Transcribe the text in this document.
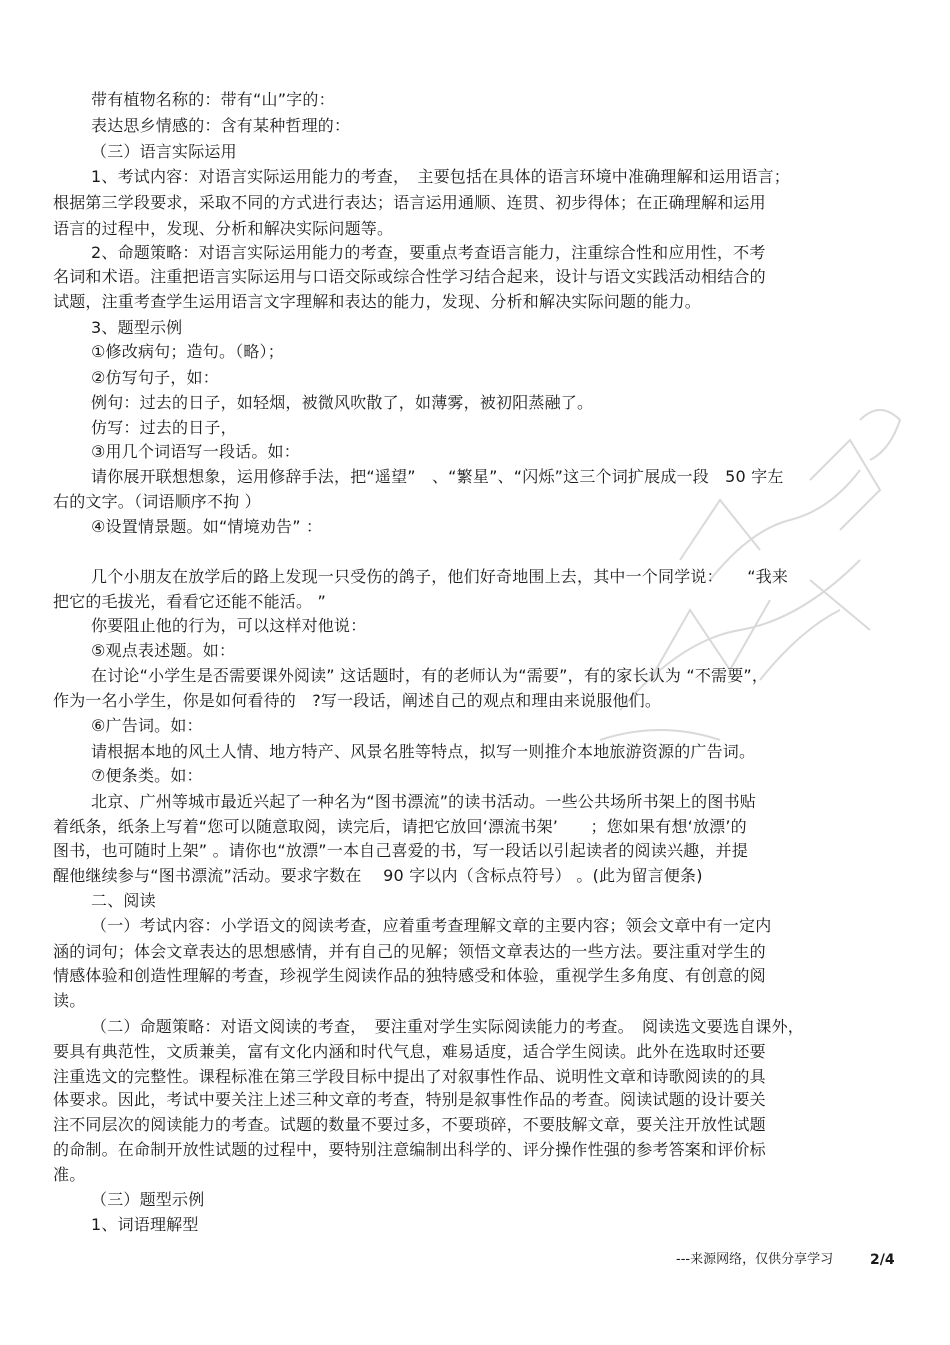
带有植物名称的：带有“山”字的：
表达思乡情感的：含有某种哲理的：
（三）语言实际运用
1、考试内容：对语言实际运用能力的考查，　主要包括在具体的语言环境中准确理解和运用语言；
根据第三学段要求，采取不同的方式进行表达；语言运用通顺、连贯、初步得体；在正确理解和运用
语言的过程中，发现、分析和解决实际问题等。
2、命题策略：对语言实际运用能力的考查，要重点考查语言能力，注重综合性和应用性，不考
名词和术语。注重把语言实际运用与口语交际或综合性学习结合起来，设计与语文实践活动相结合的
试题，注重考查学生运用语言文字理解和表达的能力，发现、分析和解决实际问题的能力。
3、题型示例
①修改病句；造句。（略）；
②仿写句子，如：
例句：过去的日子，如轻烟，被微风吹散了，如薄雾，被初阳蒸融了。
仿写：过去的日子，
③用几个词语写一段话。如：
请你展开联想想象，运用修辞手法，把“遥望”　、“繁星”、“闪烁”这三个词扩展成一段　50 字左
右的文字。（词语顺序不拘 ）
④设置情景题。如“情境劝告” ：
几个小朋友在放学后的路上发现一只受伤的鸽子，他们好奇地围上去，其中一个同学说：　　“我来
把它的毛拔光，看看它还能不能活。 ”
你要阻止他的行为，可以这样对他说：
⑤观点表述题。如：
在讨论“小学生是否需要课外阅读” 这话题时，有的老师认为“需要”，有的家长认为 “不需要”，
作为一名小学生，你是如何看待的　?写一段话，阐述自己的观点和理由来说服他们。
⑥广告词。如：
请根据本地的风土人情、地方特产、风景名胜等特点，拟写一则推介本地旅游资源的广告词。
⑦便条类。如：
北京、广州等城市最近兴起了一种名为“图书漂流”的读书活动。一些公共场所书架上的图书贴
着纸条，纸条上写着“您可以随意取阅，读完后，请把它放回‘漂流书架’　　；您如果有想‘放漂’的
图书，也可随时上架” 。请你也“放漂”一本自己喜爱的书，写一段话以引起读者的阅读兴趣，并提
醒他继续参与“图书漂流”活动。要求字数在　 90 字以内（含标点符号） 。(此为留言便条)
二、阅读
（一）考试内容：小学语文的阅读考查，应着重考查理解文章的主要内容；领会文章中有一定内
涵的词句；体会文章表达的思想感情，并有自己的见解；领悟文章表达的一些方法。要注重对学生的
情感体验和创造性理解的考查，珍视学生阅读作品的独特感受和体验，重视学生多角度、有创意的阅
读。
（二）命题策略：对语文阅读的考查，　要注重对学生实际阅读能力的考查。　阅读选文要选自课外，
要具有典范性，文质兼美，富有文化内涵和时代气息，难易适度，适合学生阅读。此外在选取时还要
注重选文的完整性。课程标准在第三学段目标中提出了对叙事性作品、说明性文章和诗歌阅读的的具
体要求。因此，考试中要关注上述三种文章的考查，特别是叙事性作品的考查。阅读试题的设计要关
注不同层次的阅读能力的考查。试题的数量不要过多，不要琐碎，不要肢解文章，要关注开放性试题
的命制。在命制开放性试题的过程中，要特别注意编制出科学的、评分操作性强的参考答案和评价标
准。
（三）题型示例
1、词语理解型
---来源网络，仅供分享学习	2/4
